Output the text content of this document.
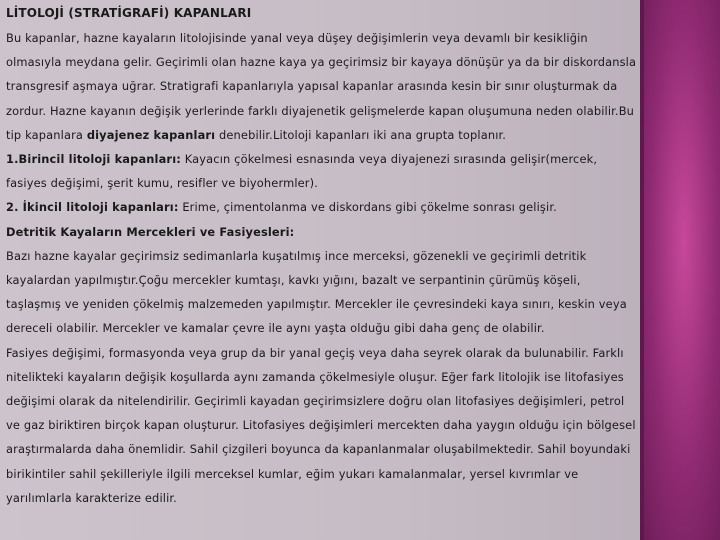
LİTOLOJİ (STRATİGRAFİ) KAPANLARI

Bu kapanlar, hazne kayaların litolojisinde yanal veya düşey değişimlerin veya devamlı bir kesikliğin olmasıyla meydana gelir. Geçirimli olan hazne kaya ya geçirimsiz bir kayaya dönüşür ya da bir diskordansla transgresif aşmaya uğrar. Stratigrafi kapanlarıyla yapısal kapanlar arasında kesin bir sınır oluşturmak da zordur. Hazne kayanın değişik yerlerinde farklı diyajenetik gelişmelerde kapan oluşumuna neden olabilir.Bu tip kapanlara diyajenez kapanları denebilir.Litoloji kapanları iki ana grupta toplanır.

1.Birincil litoloji kapanları: Kayacın çökelmesi esnasında veya diyajenezi sırasında gelişir(mercek, fasiyes değişimi, şerit kumu, resifler ve biyohermler).

2. İkincil litoloji kapanları: Erime, çimentolanma ve diskordans gibi çökelme sonrası gelişir.

Detritik Kayaların Mercekleri ve Fasiyesleri:

Bazı hazne kayalar geçirimsiz sedimanlarla kuşatılmış ince merceksi, gözenekli ve geçirimli detritik kayalardan yapılmıştır.Çoğu mercekler kumtaşı, kavkı yığını, bazalt ve serpantinin çürümüş köşeli, taşlaşmış ve yeniden çökelmiş malzemeden yapılmıştır. Mercekler ile çevresindeki kaya sınırı, keskin veya dereceli olabilir. Mercekler ve kamalar çevre ile aynı yaşta olduğu gibi daha genç de olabilir.

Fasiyes değişimi, formasyonda veya grup da bir yanal geçiş veya daha seyrek olarak da bulunabilir. Farklı nitelikteki kayaların değişik koşullarda aynı zamanda çökelmesiyle oluşur. Eğer fark litolojik ise litofasiyes değişimi olarak da nitelendirilir. Geçirimli kayadan geçirimsizlere doğru olan litofasiyes değişimleri, petrol ve gaz biriktiren birçok kapan oluşturur. Litofasiyes değişimleri mercekten daha yaygın olduğu için bölgesel araştırmalarda daha önemlidir. Sahil çizgileri boyunca da kapanlanmalar oluşabilmektedir. Sahil boyundaki birikintiler sahil şekilleriyle ilgili merceksel kumlar, eğim yukarı kamalanmalar, yersel kıvrımlar ve yarılımlarla karakterize edilir.
